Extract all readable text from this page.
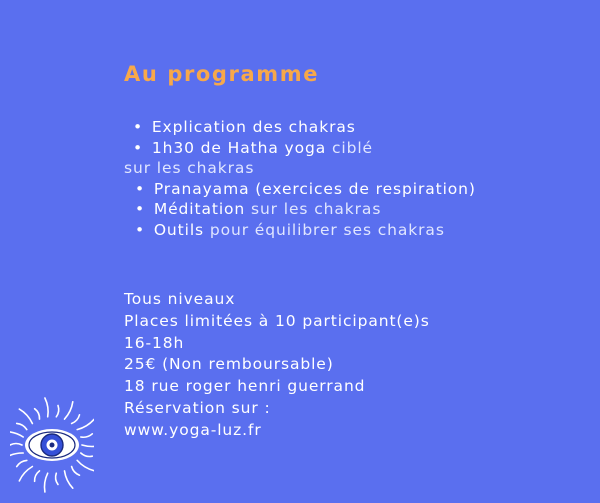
Au programme
• Explication des chakras
• 1h30 de Hatha yoga ciblé
sur les chakras
• Pranayama (exercices de respiration)
• Méditation sur les chakras
• Outils pour équilibrer ses chakras
Tous niveaux
Places limitées à 10 participant(e)s
16-18h
25€ (Non remboursable)
18 rue roger henri guerrand
Réservation sur :
www.yoga-luz.fr
